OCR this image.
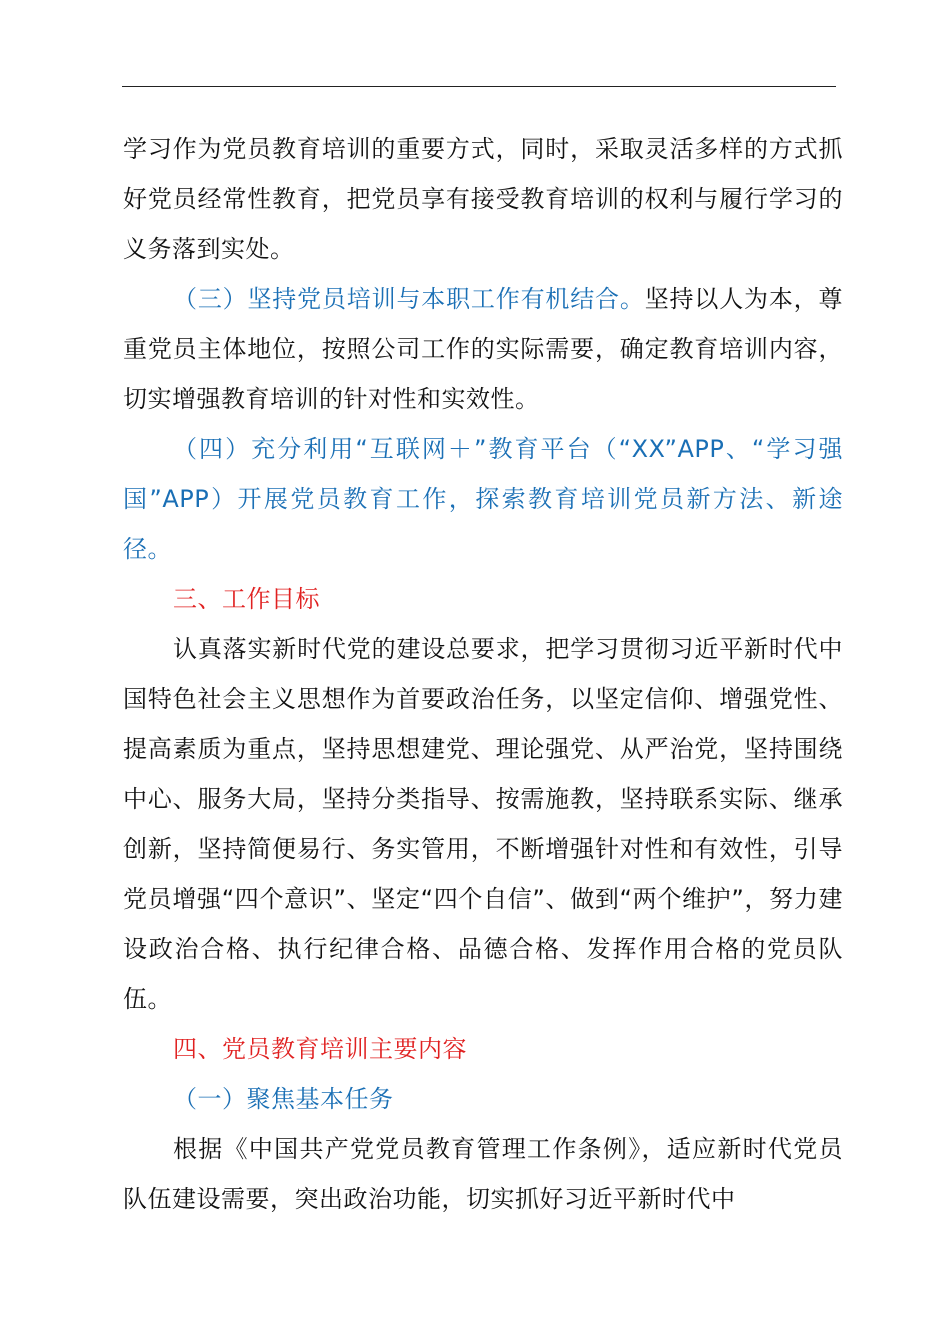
学习作为党员教育培训的重要方式，同时，采取灵活多样的方式抓好党员经常性教育，把党员享有接受教育培训的权利与履行学习的义务落到实处。

（三）坚持党员培训与本职工作有机结合。坚持以人为本，尊重党员主体地位，按照公司工作的实际需要，确定教育培训内容，切实增强教育培训的针对性和实效性。

（四）充分利用“互联网＋”教育平台（“XX”APP、“学习强国”APP）开展党员教育工作，探索教育培训党员新方法、新途径。

三、工作目标

认真落实新时代党的建设总要求，把学习贯彻习近平新时代中国特色社会主义思想作为首要政治任务，以坚定信仰、增强党性、提高素质为重点，坚持思想建党、理论强党、从严治党，坚持围绕中心、服务大局，坚持分类指导、按需施教，坚持联系实际、继承创新，坚持简便易行、务实管用，不断增强针对性和有效性，引导党员增强“四个意识”、坚定“四个自信”、做到“两个维护”，努力建设政治合格、执行纪律合格、品德合格、发挥作用合格的党员队伍。

四、党员教育培训主要内容

（一）聚焦基本任务

根据《中国共产党党员教育管理工作条例》，适应新时代党员队伍建设需要，突出政治功能，切实抓好习近平新时代中
